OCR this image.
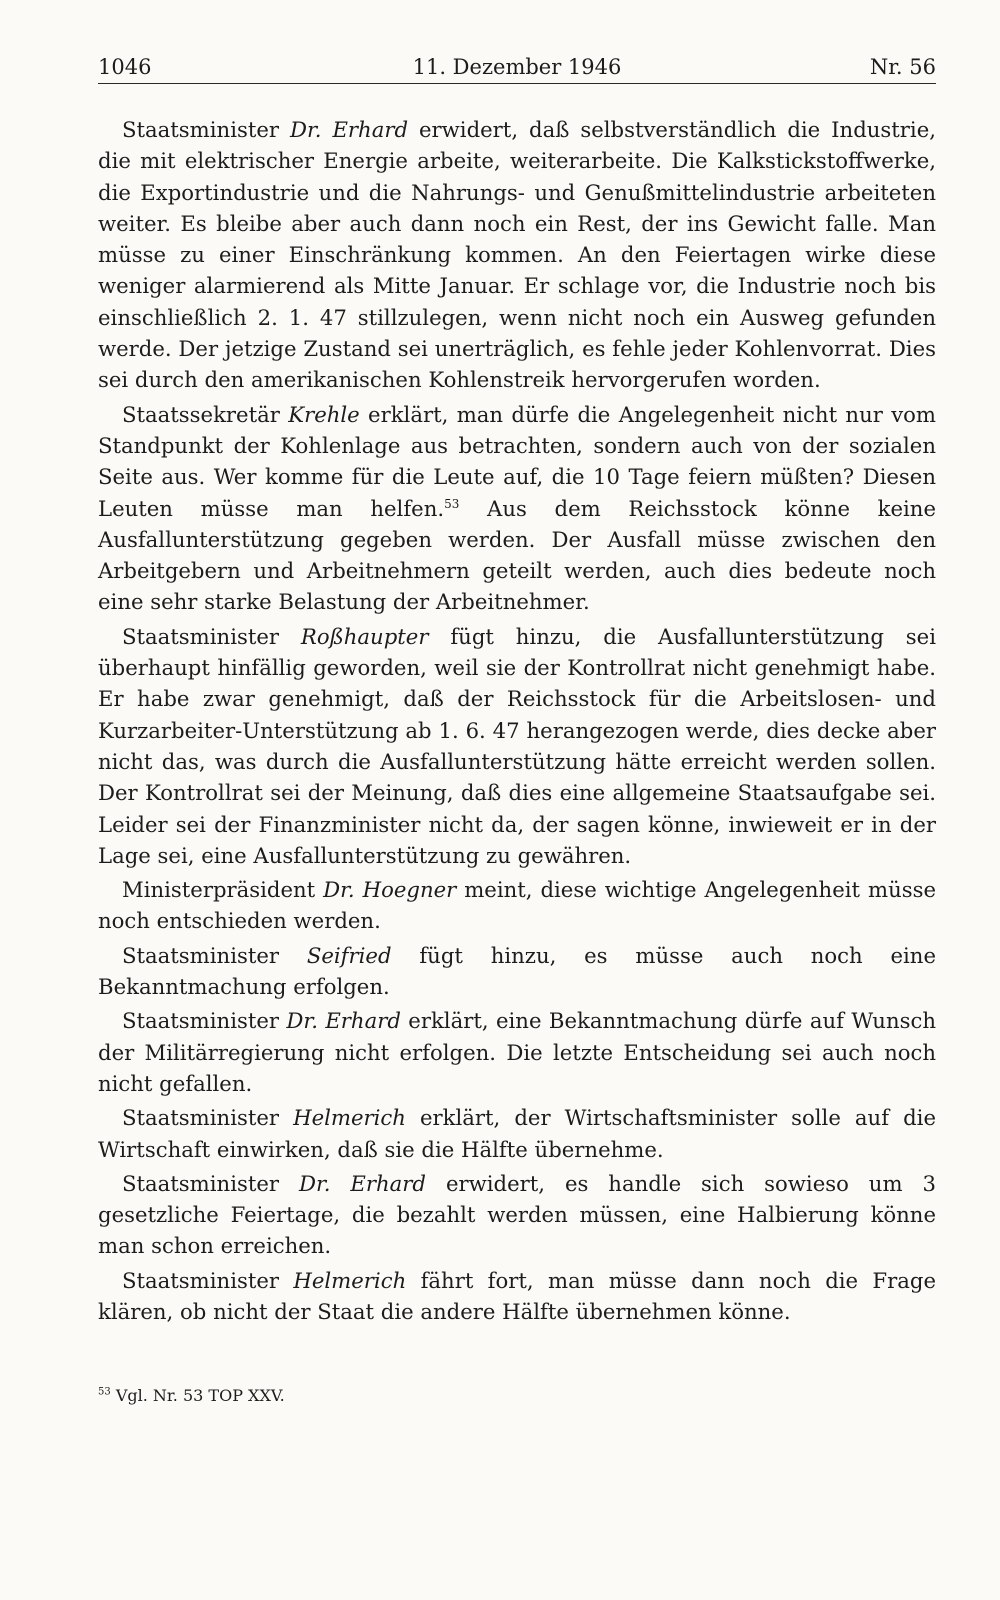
1046	11. Dezember 1946	Nr. 56

Staatsminister Dr. Erhard erwidert, daß selbstverständlich die Industrie, die mit elektrischer Energie arbeite, weiterarbeite. Die Kalkstickstoffwerke, die Exportindustrie und die Nahrungs- und Genußmittelindustrie arbeiteten weiter. Es bleibe aber auch dann noch ein Rest, der ins Gewicht falle. Man müsse zu einer Einschränkung kommen. An den Feiertagen wirke diese weniger alarmierend als Mitte Januar. Er schlage vor, die Industrie noch bis einschließlich 2. 1. 47 stillzulegen, wenn nicht noch ein Ausweg gefunden werde. Der jetzige Zustand sei unerträglich, es fehle jeder Kohlenvorrat. Dies sei durch den amerikanischen Kohlenstreik hervorgerufen worden.

Staatssekretär Krehle erklärt, man dürfe die Angelegenheit nicht nur vom Standpunkt der Kohlenlage aus betrachten, sondern auch von der sozialen Seite aus. Wer komme für die Leute auf, die 10 Tage feiern müßten? Diesen Leuten müsse man helfen.$^{53}$ Aus dem Reichsstock könne keine Ausfallunterstützung gegeben werden. Der Ausfall müsse zwischen den Arbeitgebern und Arbeitnehmern geteilt werden, auch dies bedeute noch eine sehr starke Belastung der Arbeitnehmer.

Staatsminister Roßhaupter fügt hinzu, die Ausfallunterstützung sei überhaupt hinfällig geworden, weil sie der Kontrollrat nicht genehmigt habe. Er habe zwar genehmigt, daß der Reichsstock für die Arbeitslosen- und Kurzarbeiter-Unterstützung ab 1. 6. 47 herangezogen werde, dies decke aber nicht das, was durch die Ausfallunterstützung hätte erreicht werden sollen. Der Kontrollrat sei der Meinung, daß dies eine allgemeine Staatsaufgabe sei. Leider sei der Finanzminister nicht da, der sagen könne, inwieweit er in der Lage sei, eine Ausfallunterstützung zu gewähren.

Ministerpräsident Dr. Hoegner meint, diese wichtige Angelegenheit müsse noch entschieden werden.

Staatsminister Seifried fügt hinzu, es müsse auch noch eine Bekanntmachung erfolgen.

Staatsminister Dr. Erhard erklärt, eine Bekanntmachung dürfe auf Wunsch der Militärregierung nicht erfolgen. Die letzte Entscheidung sei auch noch nicht gefallen.

Staatsminister Helmerich erklärt, der Wirtschaftsminister solle auf die Wirtschaft einwirken, daß sie die Hälfte übernehme.

Staatsminister Dr. Erhard erwidert, es handle sich sowieso um 3 gesetzliche Feiertage, die bezahlt werden müssen, eine Halbierung könne man schon erreichen.

Staatsminister Helmerich fährt fort, man müsse dann noch die Frage klären, ob nicht der Staat die andere Hälfte übernehmen könne.

$^{53}$ Vgl. Nr. 53 TOP XXV.
